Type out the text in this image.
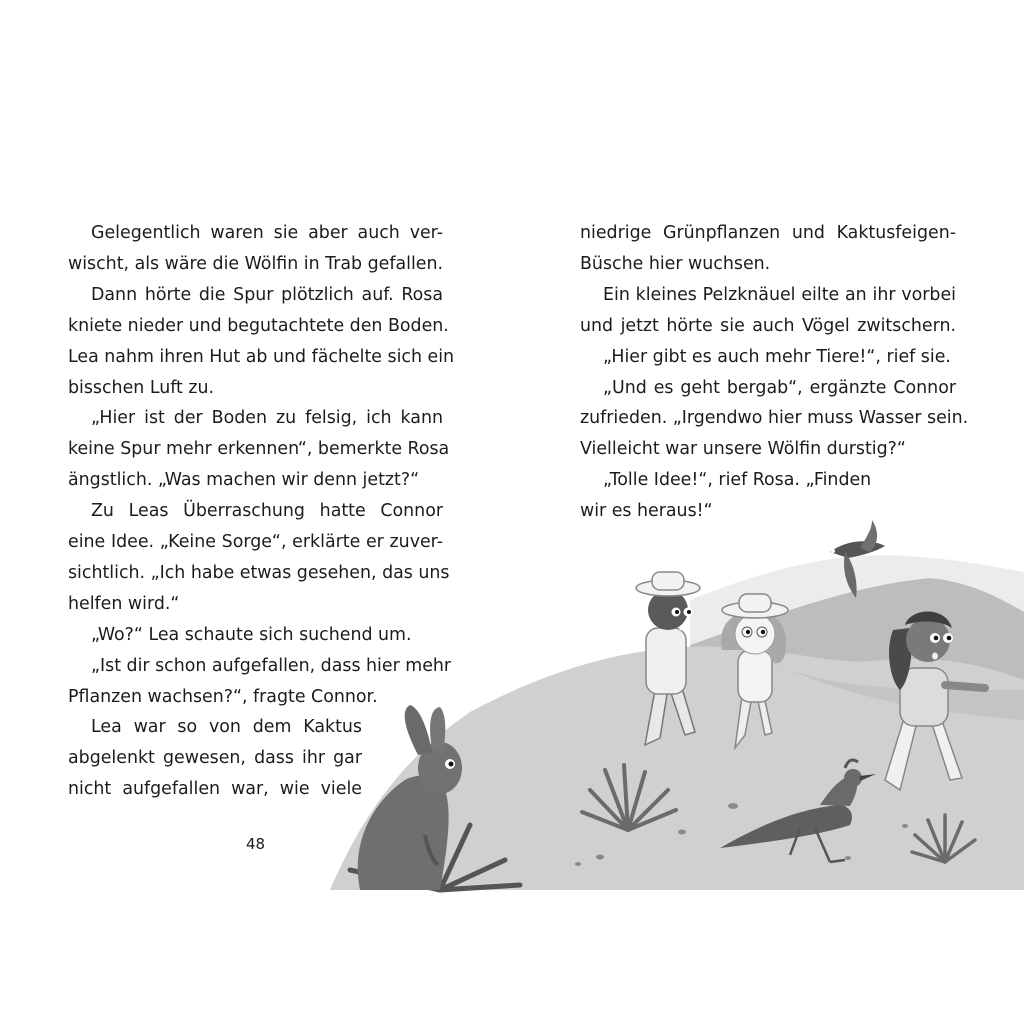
Gelegentlich waren sie aber auch ver-
wischt, als wäre die Wölfin in Trab gefallen.
Dann hörte die Spur plötzlich auf. Rosa
kniete nieder und begutachtete den Boden.
Lea nahm ihren Hut ab und fächelte sich ein
bisschen Luft zu.
„Hier ist der Boden zu felsig, ich kann
keine Spur mehr erkennen“, bemerkte Rosa
ängstlich. „Was machen wir denn jetzt?“
Zu Leas Überraschung hatte Connor
eine Idee. „Keine Sorge“, erklärte er zuver-
sichtlich. „Ich habe etwas gesehen, das uns
helfen wird.“
„Wo?“ Lea schaute sich suchend um.
„Ist dir schon aufgefallen, dass hier mehr
Pflanzen wachsen?“, fragte Connor.
Lea war so von dem Kaktus
abgelenkt gewesen, dass ihr gar
nicht aufgefallen war, wie viele
niedrige Grünpflanzen und Kaktusfeigen-
Büsche hier wuchsen.
Ein kleines Pelzknäuel eilte an ihr vorbei
und jetzt hörte sie auch Vögel zwitschern.
„Hier gibt es auch mehr Tiere!“, rief sie.
„Und es geht bergab“, ergänzte Connor
zufrieden. „Irgendwo hier muss Wasser sein.
Vielleicht war unsere Wölfin durstig?“
„Tolle Idee!“, rief Rosa. „Finden
wir es heraus!“
48
